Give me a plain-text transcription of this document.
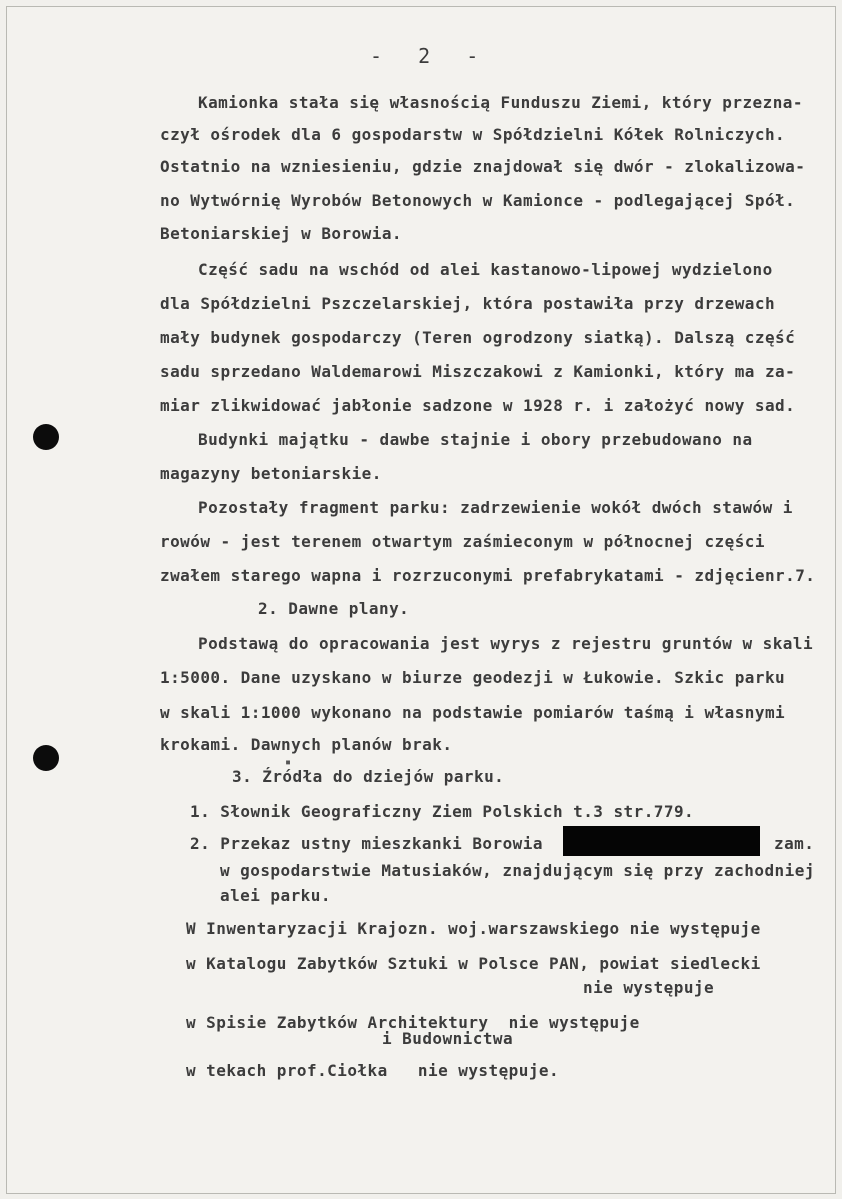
-  2  -
Kamionka stała się własnością Funduszu Ziemi, który przezna-
czył ośrodek dla 6 gospodarstw w Spółdzielni Kółek Rolniczych.
Ostatnio na wzniesieniu, gdzie znajdował się dwór - zlokalizowa-
no Wytwórnię Wyrobów Betonowych w Kamionce - podlegającej Spół.
Betoniarskiej w Borowia.
Część sadu na wschód od alei kastanowo-lipowej wydzielono
dla Spółdzielni Pszczelarskiej, która postawiła przy drzewach
mały budynek gospodarczy (Teren ogrodzony siatką). Dalszą część
sadu sprzedano Waldemarowi Miszczakowi z Kamionki, który ma za-
miar zlikwidować jabłonie sadzone w 1928 r. i założyć nowy sad.
Budynki majątku - dawbe stajnie i obory przebudowano na
magazyny betoniarskie.
Pozostały fragment parku: zadrzewienie wokół dwóch stawów i
rowów - jest terenem otwartym zaśmieconym w północnej części
zwałem starego wapna i rozrzuconymi prefabrykatami - zdjęcienr.7.
2. Dawne plany.
Podstawą do opracowania jest wyrys z rejestru gruntów w skali
1:5000. Dane uzyskano w biurze geodezji w Łukowie. Szkic parku
w skali 1:1000 wykonano na podstawie pomiarów taśmą i własnymi
krokami. Dawnych planów brak.
▪
3. Źródła do dziejów parku.
1. Słownik Geograficzny Ziem Polskich t.3 str.779.
2. Przekaz ustny mieszkanki Borowia	zam.
w gospodarstwie Matusiaków, znajdującym się przy zachodniej
alei parku.
W Inwentaryzacji Krajozn. woj.warszawskiego nie występuje
w Katalogu Zabytków Sztuki w Polsce PAN, powiat siedlecki
nie występuje
w Spisie Zabytków Architektury  nie występuje
i Budownictwa
w tekach prof.Ciołka   nie występuje.
